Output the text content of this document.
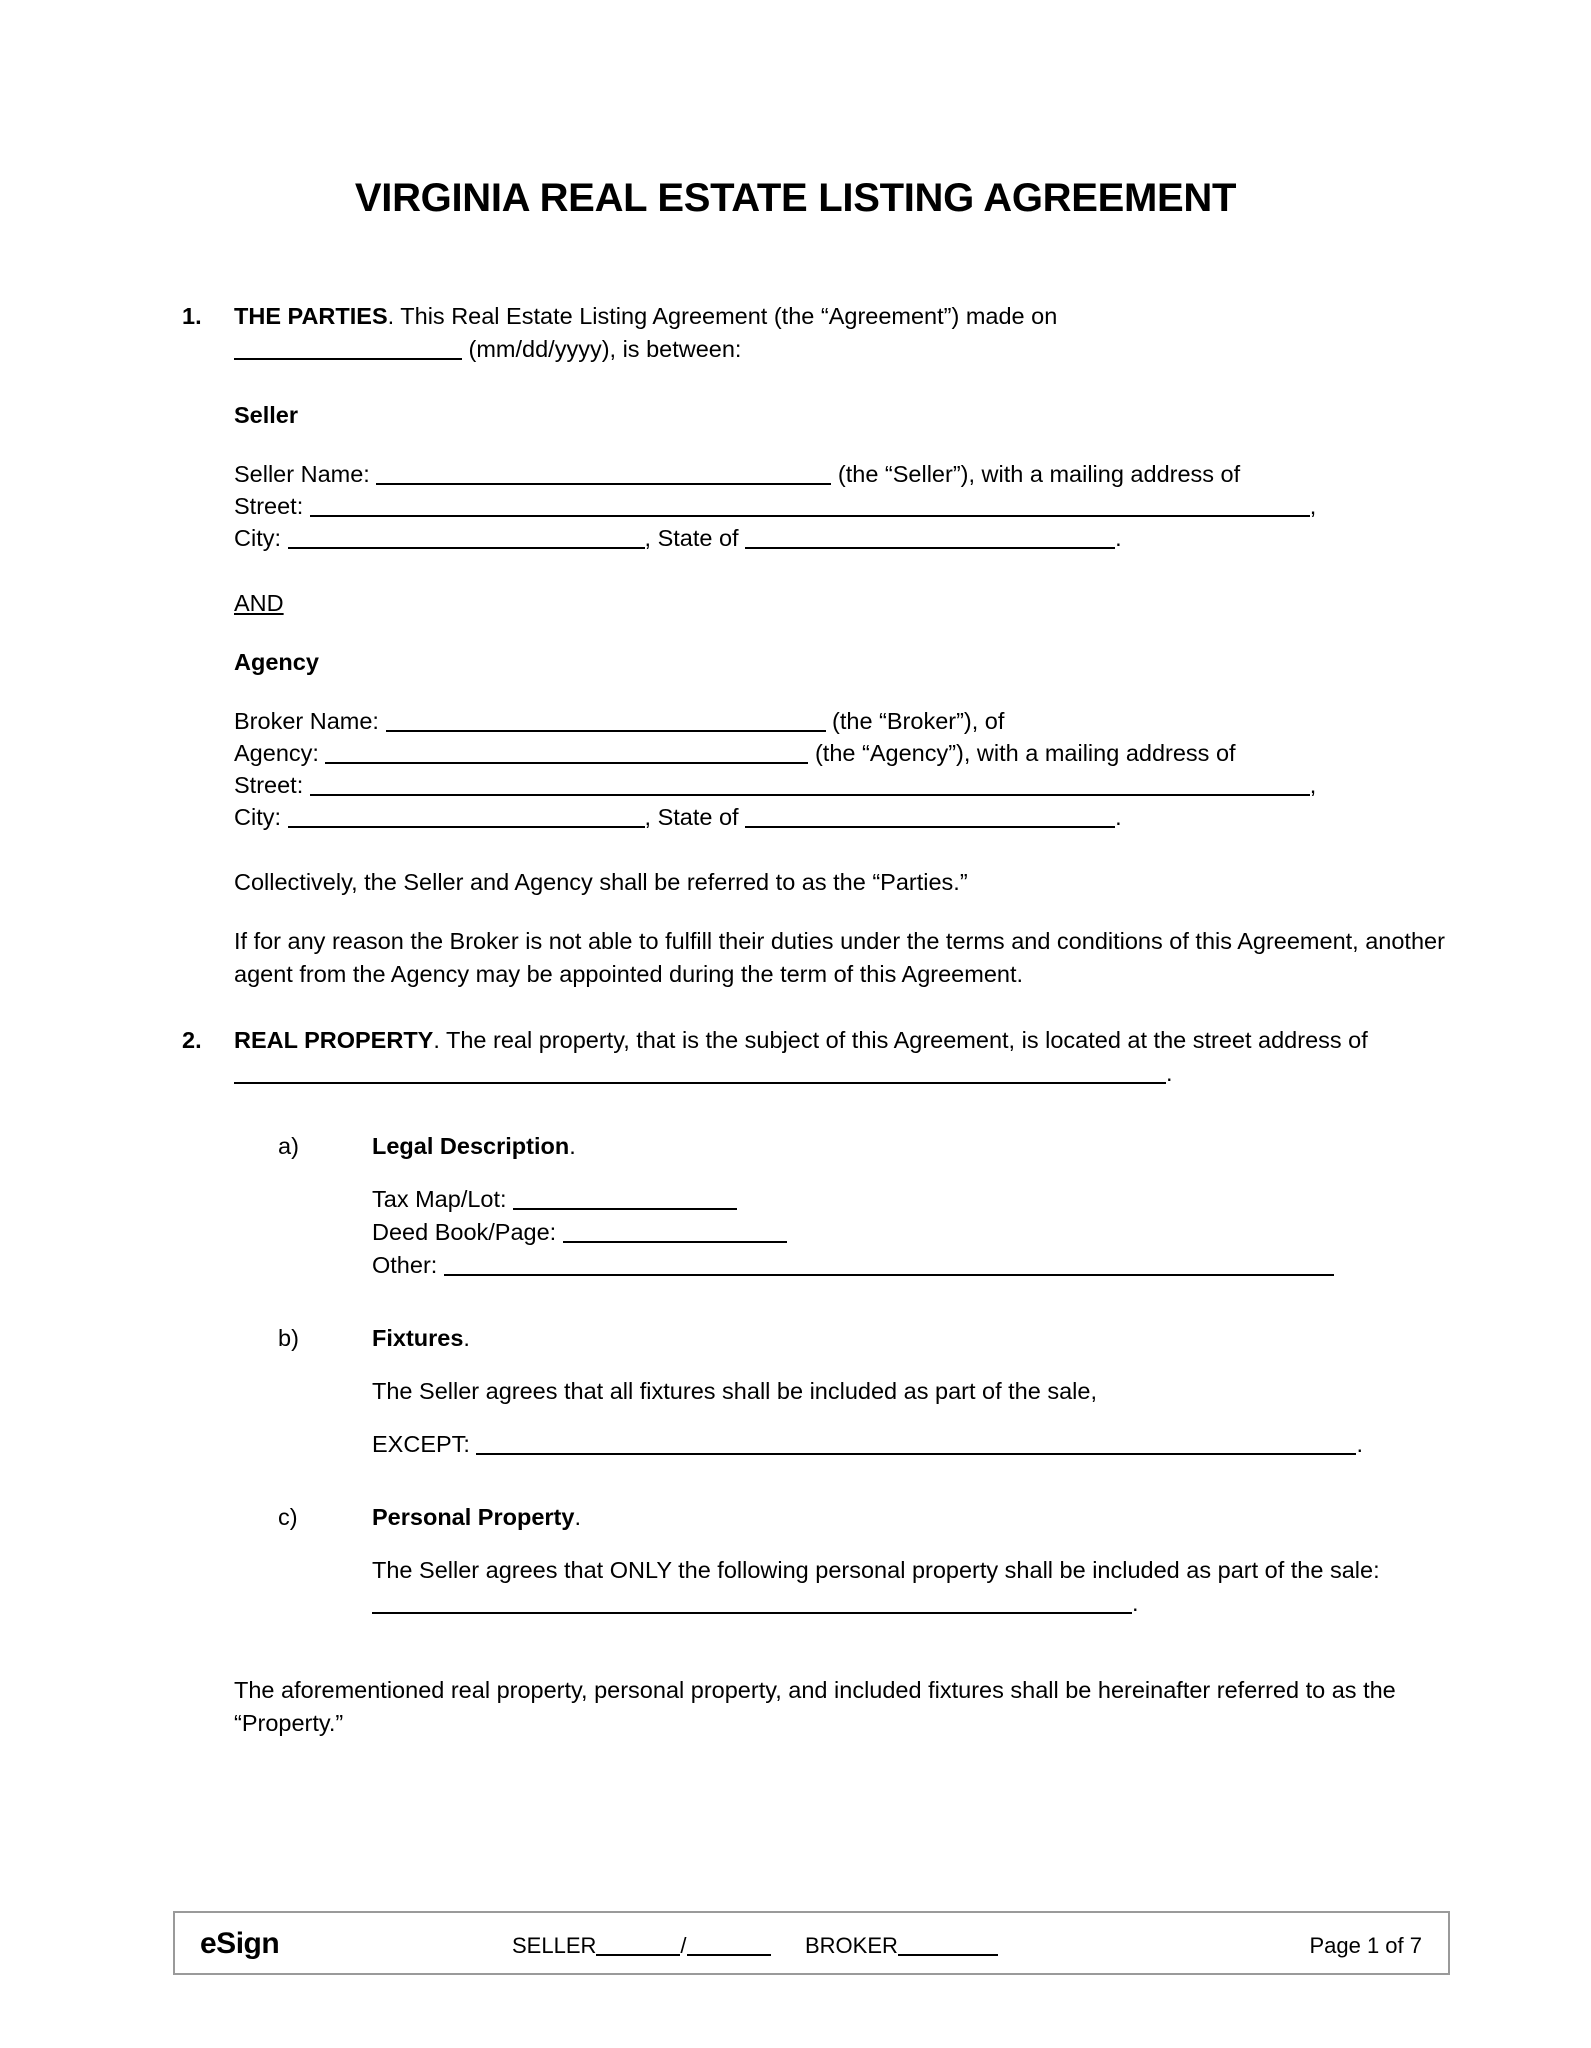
VIRGINIA REAL ESTATE LISTING AGREEMENT
1. THE PARTIES. This Real Estate Listing Agreement (the “Agreement”) made on
(mm/dd/yyyy), is between:
Seller
Seller Name:	(the “Seller”), with a mailing address of
Street:	,
City:	, State of	.
AND
Agency
Broker Name:	(the “Broker”), of
Agency:	(the “Agency”), with a mailing address of
Street:	,
City:	, State of	.
Collectively, the Seller and Agency shall be referred to as the “Parties.”
If for any reason the Broker is not able to fulfill their duties under the terms and conditions of this Agreement, another agent from the Agency may be appointed during the term of this Agreement.
2. REAL PROPERTY. The real property, that is the subject of this Agreement, is located at the street address of .
a)	Legal Description.
Tax Map/Lot:
Deed Book/Page:
Other:
b)	Fixtures.
The Seller agrees that all fixtures shall be included as part of the sale,
EXCEPT:	.
c)	Personal Property.
The Seller agrees that ONLY the following personal property shall be included as part of the sale: .
The aforementioned real property, personal property, and included fixtures shall be hereinafter referred to as the “Property.”
eSign	SELLER	/	BROKER	Page 1 of 7
